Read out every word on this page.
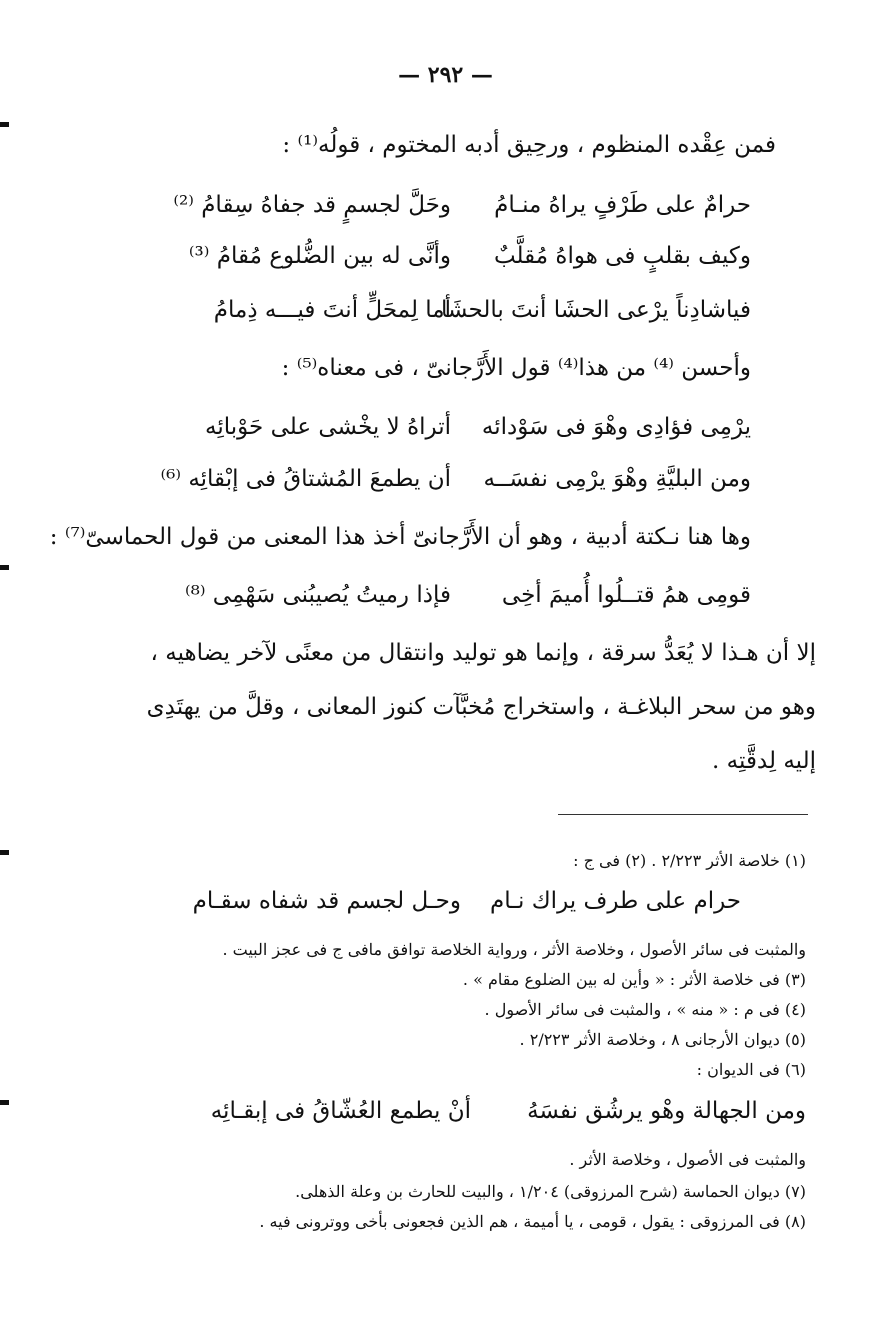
— ٢٩٢ —
فمن عِقْده المنظوم ، ورحِيق أدبه المختوم ، قولُه⁽¹⁾ :
حرامٌ على طَرْفٍ يراهُ منـامُ
وحَلَّ لجسمٍ قد جفاهُ سِقامُ ⁽²⁾
وكيف بقلبٍ فى هواهُ مُقلَّبٌ
وأنَّى له بين الضُّلوع مُقامُ ⁽³⁾
فياشادِناً يرْعى الحشَا أنتَ بالحشَا
أما لِمحَلٍّ أنتَ فيـــه ذِمامُ
وأحسن ⁽⁴⁾ من هذا⁽⁴⁾ قول الأَرَّجانىّ ، فى معناه⁽⁵⁾ :
يرْمِى فؤادِى وهْوَ فى سَوْدائه
أتراهُ لا يخْشى على حَوْبائِه
ومن البليَّةِ وهْوَ يرْمِى نفسَــه
أن يطمعَ المُشتاقُ فى إبْقائِه ⁽⁶⁾
وها هنا نـكتة أدبية ، وهو أن الأَرَّجانىّ أخذ هذا المعنى من قول الحماسىّ⁽⁷⁾ :
قومِى همُ قتــلُوا أُميمَ أخِى
فإذا رميتُ يُصيبُنى سَهْمِى ⁽⁸⁾
إلا أن هـذا لا يُعَدُّ سرقة ، وإنما هو توليد وانتقال من معنًى لآخر يضاهيه ،
وهو من سحر البلاغـة ، واستخراج مُخبَّآت كنوز المعانى ، وقلَّ من يهتَدِى
إليه لِدقَّتِه .
(١) خلاصة الأثر ٢/٢٢٣ . (٢) فى ج :
حرام على طرف يراك نـام
وحـل لجسم قد شفاه سقـام
والمثبت فى سائر الأصول ، وخلاصة الأثر ، ورواية الخلاصة توافق مافى ج فى عجز البيت .
(٣) فى خلاصة الأثر : « وأين له بين الضلوع مقام » .
(٤) فى م : « منه » ، والمثبت فى سائر الأصول .
(٥) ديوان الأرجانى ٨ ، وخلاصة الأثر ٢/٢٢٣ .
(٦) فى الديوان :
ومن الجهالة وهْو يرشُق نفسَهُ
أنْ يطمع العُشّاقُ فى إبقـائِه
والمثبت فى الأصول ، وخلاصة الأثر .
(٧) ديوان الحماسة (شرح المرزوقى) ١/٢٠٤ ، والبيت للحارث بن وعلة الذهلى.
(٨) فى المرزوقى : يقول ، قومى ، يا أميمة ، هم الذين فجعونى بأخى ووترونى فيه .
